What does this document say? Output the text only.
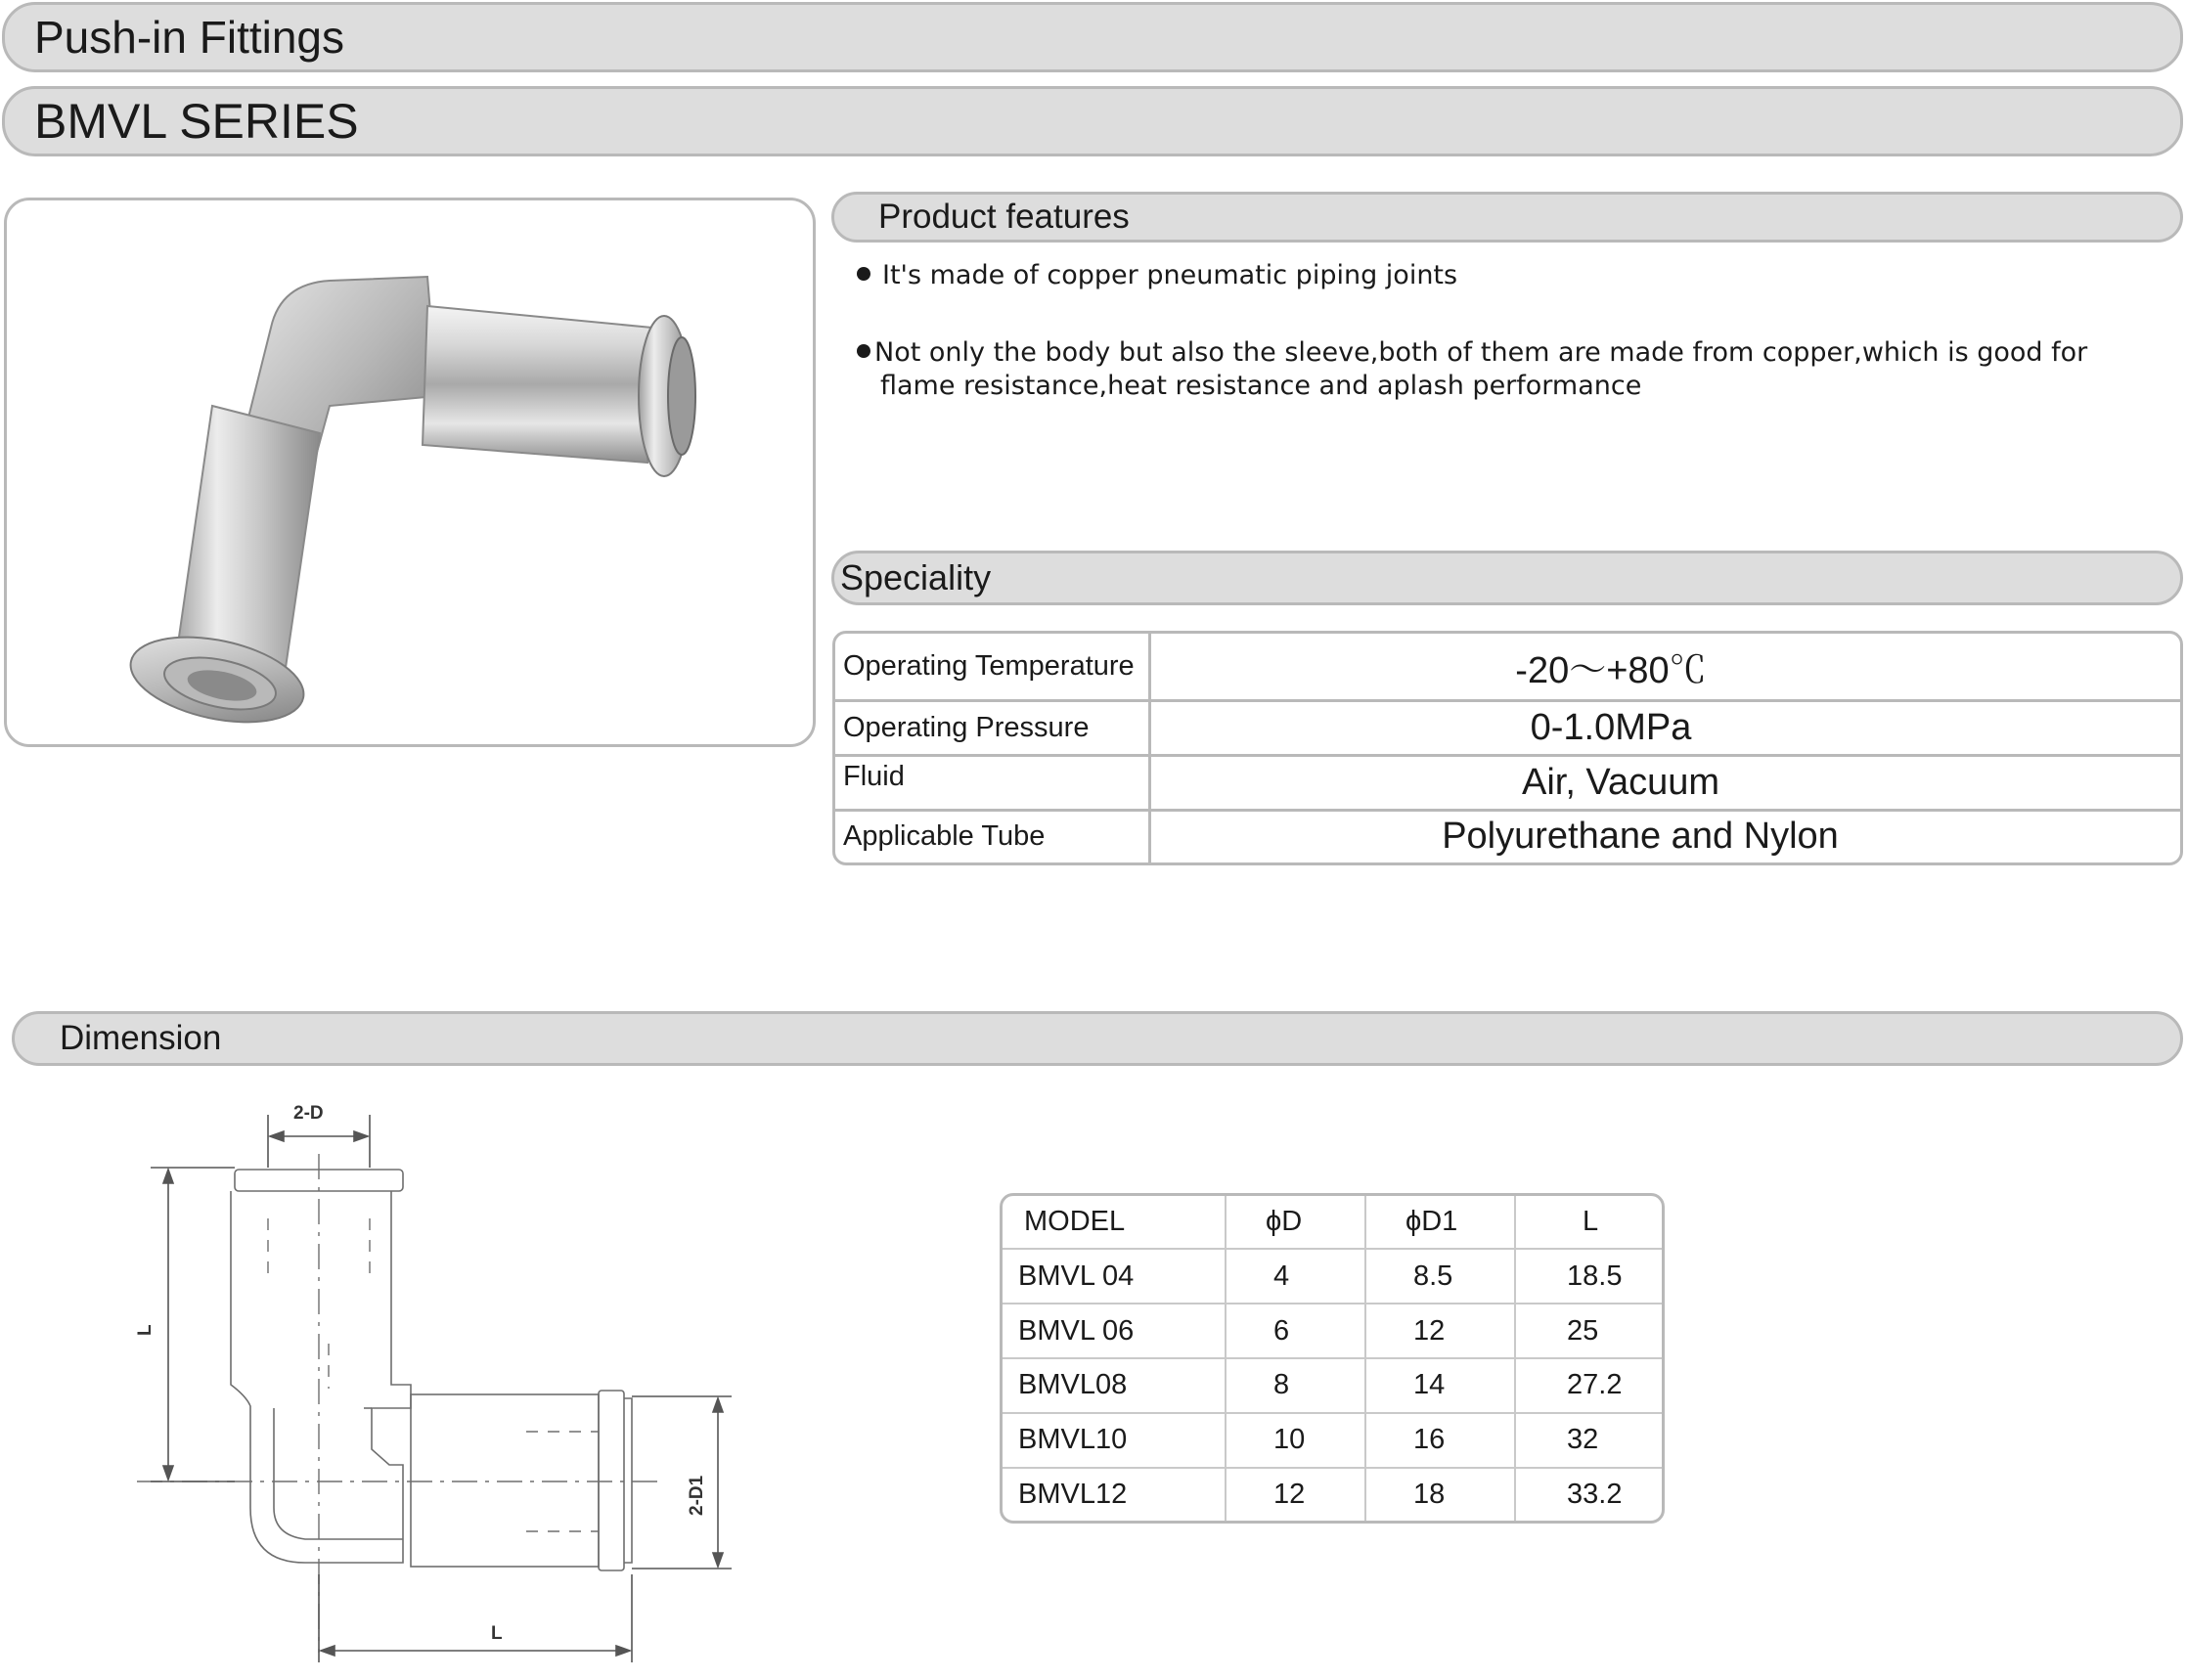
Push-in Fittings
BMVL SERIES
Product features
It's made of copper pneumatic piping joints
Not only the body but also the sleeve,both of them are made from copper,which is good for
flame resistance,heat resistance and aplash performance
Speciality
Operating Temperature	-20～+80℃
Operating Pressure	0-1.0MPa
Fluid	Air, Vacuum
Applicable Tube	Polyurethane and Nylon
Dimension
2-D
L
2-D1
L
MODEL	ϕD	ϕD1	L
BMVL 04	4	8.5	18.5
BMVL 06	6	12	25
BMVL08	8	14	27.2
BMVL10	10	16	32
BMVL12	12	18	33.2
